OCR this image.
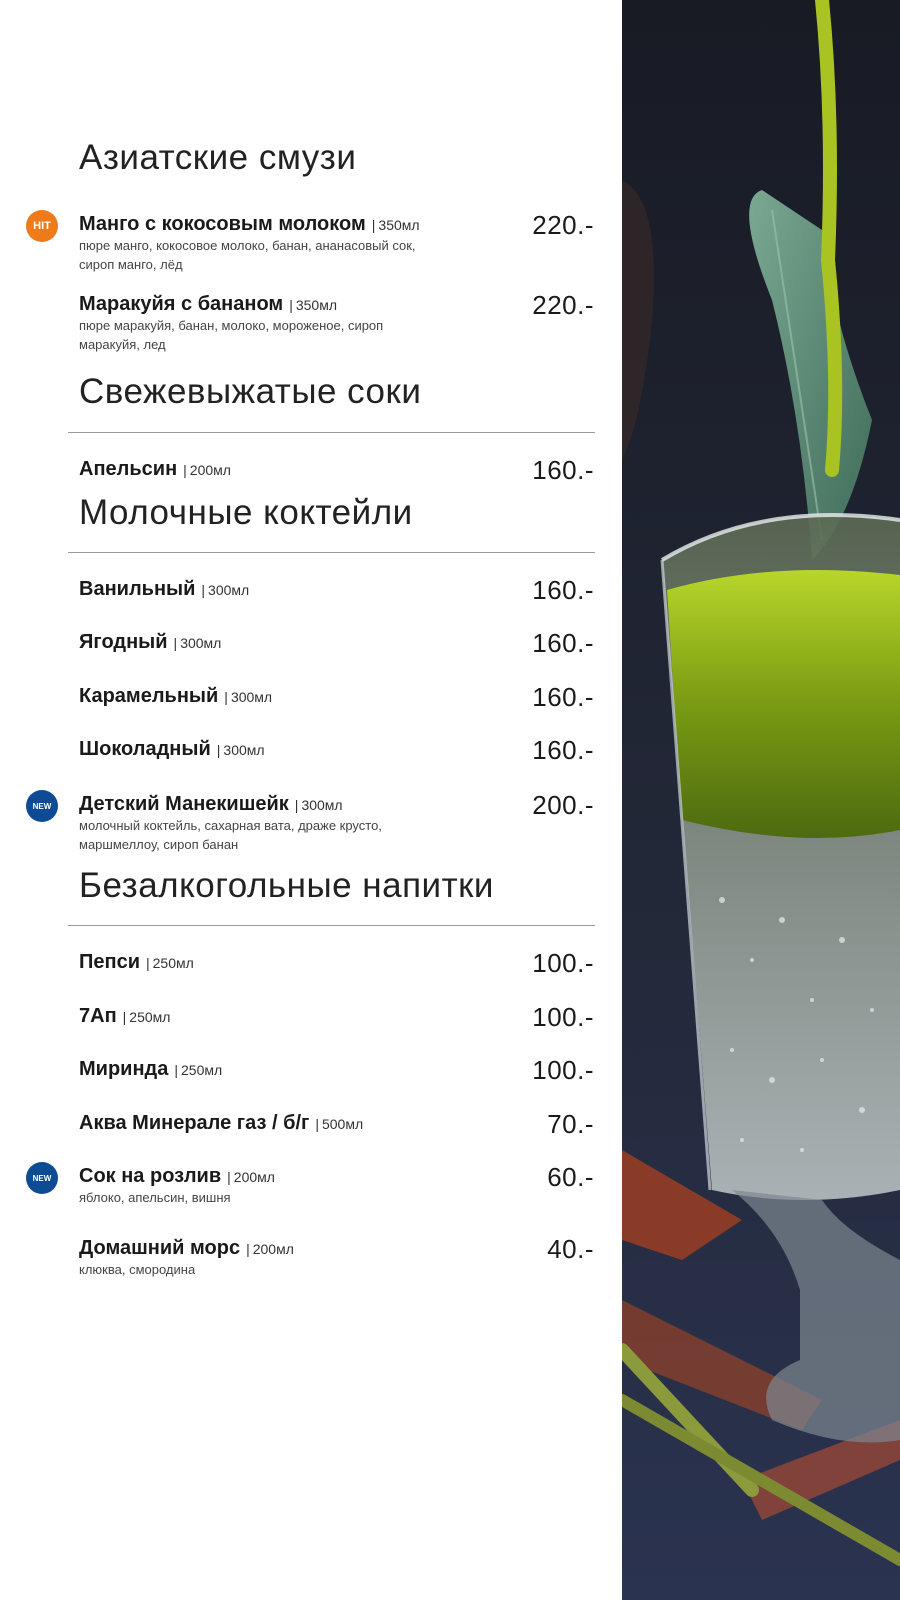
Азиатские смузи
HIT	Манго с кокосовым молоком | 350мл	220.-
пюре манго, кокосовое молоко, банан, ананасовый сок, сироп манго, лёд
Маракуйя с бананом | 350мл	220.-
пюре маракуйя, банан, молоко, мороженое, сироп маракуйя, лед
Свежевыжатые соки
Апельсин | 200мл	160.-
Молочные коктейли
Ванильный | 300мл	160.-
Ягодный | 300мл	160.-
Карамельный | 300мл	160.-
Шоколадный | 300мл	160.-
NEW	Детский Манекишейк | 300мл	200.-
молочный коктейль, сахарная вата, драже крусто, маршмеллоу, сироп банан
Безалкогольные напитки
Пепси | 250мл	100.-
7Ап | 250мл	100.-
Миринда | 250мл	100.-
Аква Минерале газ / б/г | 500мл	70.-
NEW	Сок на розлив | 200мл	60.-
яблоко, апельсин, вишня
Домашний морс | 200мл	40.-
клюква, смородина
